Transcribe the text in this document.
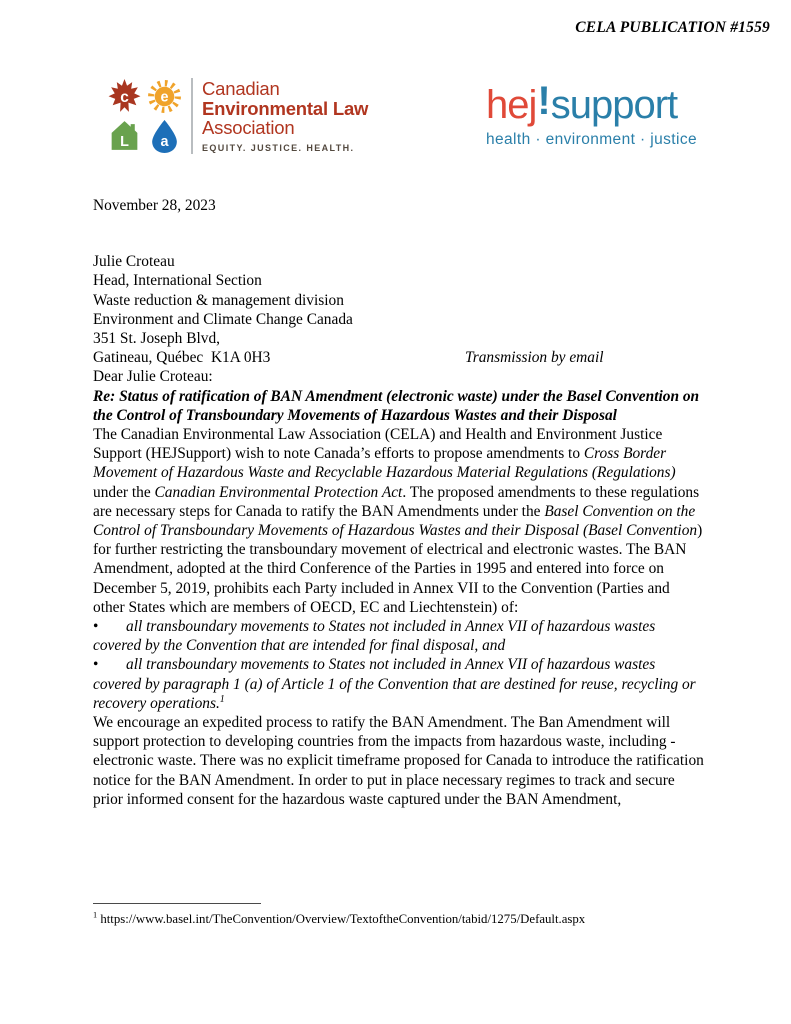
CELA PUBLICATION #1559
c e
L a
Canadian
Environmental Law
Association
EQUITY. JUSTICE. HEALTH.
hej!support
health · environment · justice

November 28, 2023

Julie Croteau

Head, International Section

Waste reduction & management division

Environment and Climate Change Canada

351 St. Joseph Blvd,

Gatineau, Québec  K1A 0H3	Transmission by email

Dear Julie Croteau:

Re: Status of ratification of BAN Amendment (electronic waste) under the Basel Convention on the Control of Transboundary Movements of Hazardous Wastes and their Disposal

The Canadian Environmental Law Association (CELA) and Health and Environment Justice Support (HEJSupport) wish to note Canada’s efforts to propose amendments to Cross Border Movement of Hazardous Waste and Recyclable Hazardous Material Regulations (Regulations) under the Canadian Environmental Protection Act. The proposed amendments to these regulations are necessary steps for Canada to ratify the BAN Amendments under the Basel Convention on the Control of Transboundary Movements of Hazardous Wastes and their Disposal (Basel Convention) for further restricting the transboundary movement of electrical and electronic wastes. The BAN Amendment, adopted at the third Conference of the Parties in 1995 and entered into force on December 5, 2019, prohibits each Party included in Annex VII to the Convention (Parties and other States which are members of OECD, EC and Liechtenstein) of:

• all transboundary movements to States not included in Annex VII of hazardous wastes covered by the Convention that are intended for final disposal, and

• all transboundary movements to States not included in Annex VII of hazardous wastes covered by paragraph 1 (a) of Article 1 of the Convention that are destined for reuse, recycling or recovery operations.$^1$

We encourage an expedited process to ratify the BAN Amendment. The Ban Amendment will support protection to developing countries from the impacts from hazardous waste, including - electronic waste. There was no explicit timeframe proposed for Canada to introduce the ratification notice for the BAN Amendment. In order to put in place necessary regimes to track and secure prior informed consent for the hazardous waste captured under the BAN Amendment,

$^1$ https://www.basel.int/TheConvention/Overview/TextoftheConvention/tabid/1275/Default.aspx
